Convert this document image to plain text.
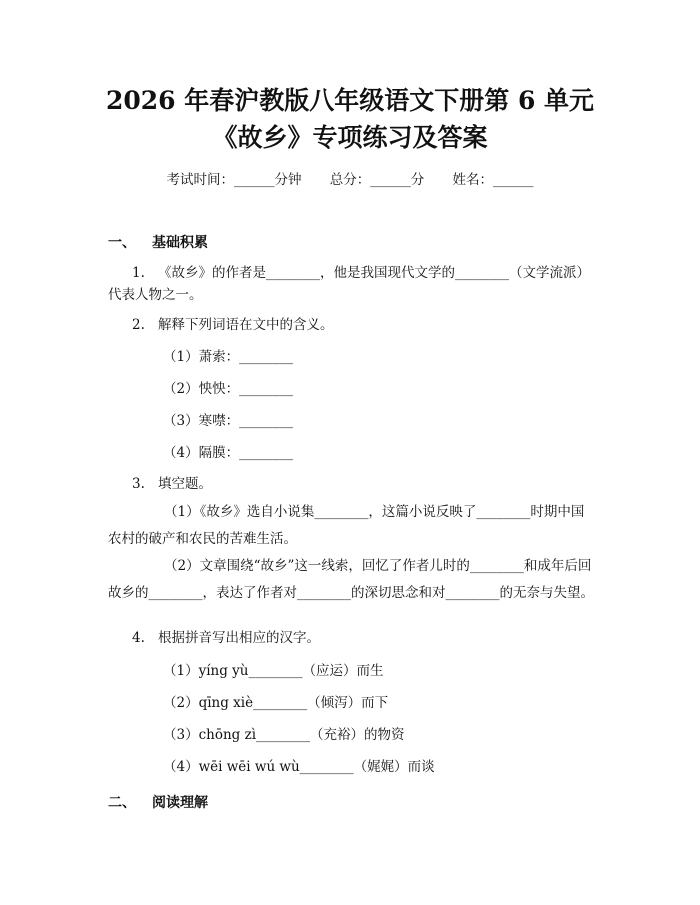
2026 年春沪教版八年级语文下册第 6 单元
《故乡》专项练习及答案
考试时间：______分钟 总分：______分 姓名：______
一、 基础积累
1. 《故乡》的作者是________，他是我国现代文学的________（文学流派）
代表人物之一。
2. 解释下列词语在文中的含义。
（1）萧索：________
（2）怏怏：________
（3）寒噤：________
（4）隔膜：________
3. 填空题。
（1）《故乡》选自小说集________，这篇小说反映了________时期中国农村的破产和农民的苦难生活。
（2）文章围绕“故乡”这一线索，回忆了作者儿时的________和成年后回故乡的________，表达了作者对________的深切思念和对________的无奈与失望。
4. 根据拼音写出相应的汉字。
（1）yíng yù________（应运）而生
（2）qīng xiè________（倾泻）而下
（3）chōng zì________（充裕）的物资
（4）wēi wēi wú wù________（娓娓）而谈
二、 阅读理解
